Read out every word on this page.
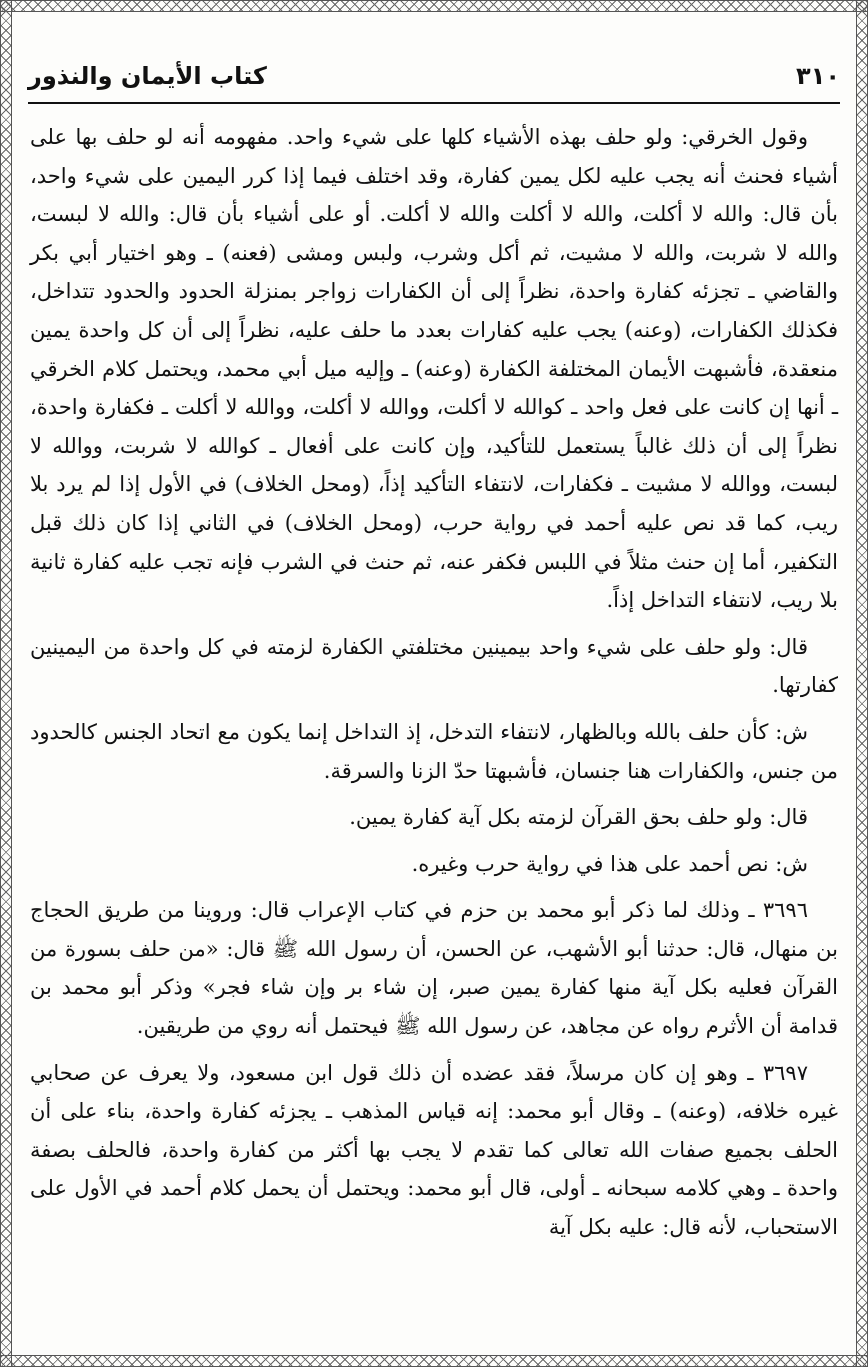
٣١٠
كتاب الأيمان والنذور

وقول الخرقي: ولو حلف بهذه الأشياء كلها على شيء واحد. مفهومه أنه لو حلف بها على أشياء فحنث أنه يجب عليه لكل يمين كفارة، وقد اختلف فيما إذا كرر اليمين على شيء واحد، بأن قال: والله لا أكلت، والله لا أكلت والله لا أكلت. أو على أشياء بأن قال: والله لا لبست، والله لا شربت، والله لا مشيت، ثم أكل وشرب، ولبس ومشى (فعنه) ـ وهو اختيار أبي بكر والقاضي ـ تجزئه كفارة واحدة، نظراً إلى أن الكفارات زواجر بمنزلة الحدود والحدود تتداخل، فكذلك الكفارات، (وعنه) يجب عليه كفارات بعدد ما حلف عليه، نظراً إلى أن كل واحدة يمين منعقدة، فأشبهت الأيمان المختلفة الكفارة (وعنه) ـ وإليه ميل أبي محمد، ويحتمل كلام الخرقي ـ أنها إن كانت على فعل واحد ـ كوالله لا أكلت، ووالله لا أكلت، ووالله لا أكلت ـ فكفارة واحدة، نظراً إلى أن ذلك غالباً يستعمل للتأكيد، وإن كانت على أفعال ـ كوالله لا شربت، ووالله لا لبست، ووالله لا مشيت ـ فكفارات، لانتفاء التأكيد إذاً، (ومحل الخلاف) في الأول إذا لم يرد بلا ريب، كما قد نص عليه أحمد في رواية حرب، (ومحل الخلاف) في الثاني إذا كان ذلك قبل التكفير، أما إن حنث مثلاً في اللبس فكفر عنه، ثم حنث في الشرب فإنه تجب عليه كفارة ثانية بلا ريب، لانتفاء التداخل إذاً.

قال: ولو حلف على شيء واحد بيمينين مختلفتي الكفارة لزمته في كل واحدة من اليمينين كفارتها.

ش: كأن حلف بالله وبالظهار، لانتفاء التدخل، إذ التداخل إنما يكون مع اتحاد الجنس كالحدود من جنس، والكفارات هنا جنسان، فأشبهتا حدّ الزنا والسرقة.

قال: ولو حلف بحق القرآن لزمته بكل آية كفارة يمين.

ش: نص أحمد على هذا في رواية حرب وغيره.

٣٦٩٦ ـ وذلك لما ذكر أبو محمد بن حزم في كتاب الإعراب قال: وروينا من طريق الحجاج بن منهال، قال: حدثنا أبو الأشهب، عن الحسن، أن رسول الله ﷺ قال: «من حلف بسورة من القرآن فعليه بكل آية منها كفارة يمين صبر، إن شاء بر وإن شاء فجر» وذكر أبو محمد بن قدامة أن الأثرم رواه عن مجاهد، عن رسول الله ﷺ فيحتمل أنه روي من طريقين.

٣٦٩٧ ـ وهو إن كان مرسلاً، فقد عضده أن ذلك قول ابن مسعود، ولا يعرف عن صحابي غيره خلافه، (وعنه) ـ وقال أبو محمد: إنه قياس المذهب ـ يجزئه كفارة واحدة، بناء على أن الحلف بجميع صفات الله تعالى كما تقدم لا يجب بها أكثر من كفارة واحدة، فالحلف بصفة واحدة ـ وهي كلامه سبحانه ـ أولى، قال أبو محمد: ويحتمل أن يحمل كلام أحمد في الأول على الاستحباب، لأنه قال: عليه بكل آية
